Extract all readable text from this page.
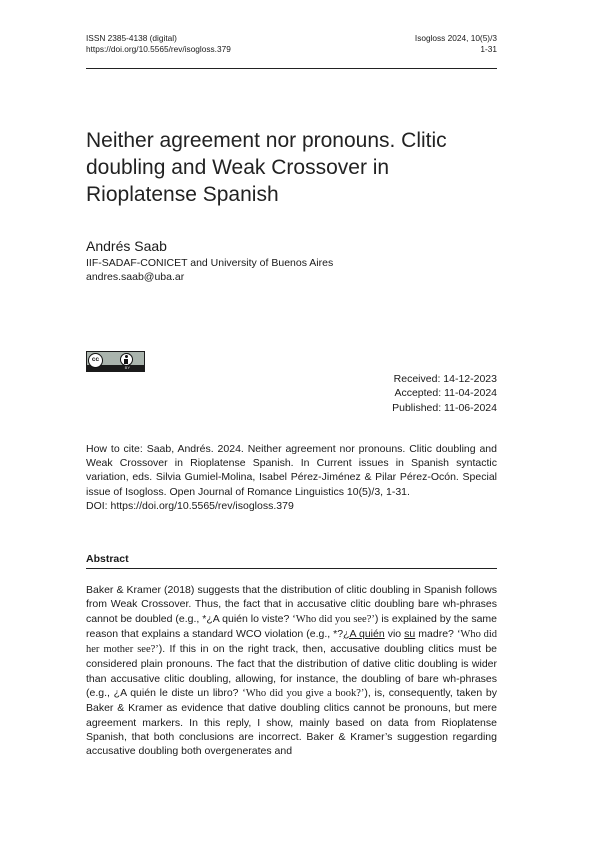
ISSN 2385-4138 (digital)
https://doi.org/10.5565/rev/isogloss.379
Isogloss 2024, 10(5)/3
1-31
Neither agreement nor pronouns. Clitic
doubling and Weak Crossover in
Rioplatense Spanish
Andrés Saab
IIF-SADAF-CONICET and University of Buenos Aires
andres.saab@uba.ar
cc
BY
Received: 14-12-2023
Accepted: 11-04-2024
Published: 11-06-2024
How to cite: Saab, Andrés. 2024. Neither agreement nor pronouns. Clitic doubling and Weak Crossover in Rioplatense Spanish. In Current issues in Spanish syntactic variation, eds. Silvia Gumiel-Molina, Isabel Pérez-Jiménez & Pilar Pérez-Ocón. Special issue of Isogloss. Open Journal of Romance Linguistics 10(5)/3, 1-31.
DOI: https://doi.org/10.5565/rev/isogloss.379
Abstract
Baker & Kramer (2018) suggests that the distribution of clitic doubling in Spanish follows from Weak Crossover. Thus, the fact that in accusative clitic doubling bare wh-phrases cannot be doubled (e.g., *¿A quién lo viste? ‘Who did you see?’) is explained by the same reason that explains a standard WCO violation (e.g., *?¿A quién vio su madre? ‘Who did her mother see?’). If this in on the right track, then, accusative doubling clitics must be considered plain pronouns. The fact that the distribution of dative clitic doubling is wider than accusative clitic doubling, allowing, for instance, the doubling of bare wh-phrases (e.g., ¿A quién le diste un libro? ‘Who did you give a book?’), is, consequently, taken by Baker & Kramer as evidence that dative doubling clitics cannot be pronouns, but mere agreement markers. In this reply, I show, mainly based on data from Rioplatense Spanish, that both conclusions are incorrect. Baker & Kramer’s suggestion regarding accusative doubling both overgenerates and
